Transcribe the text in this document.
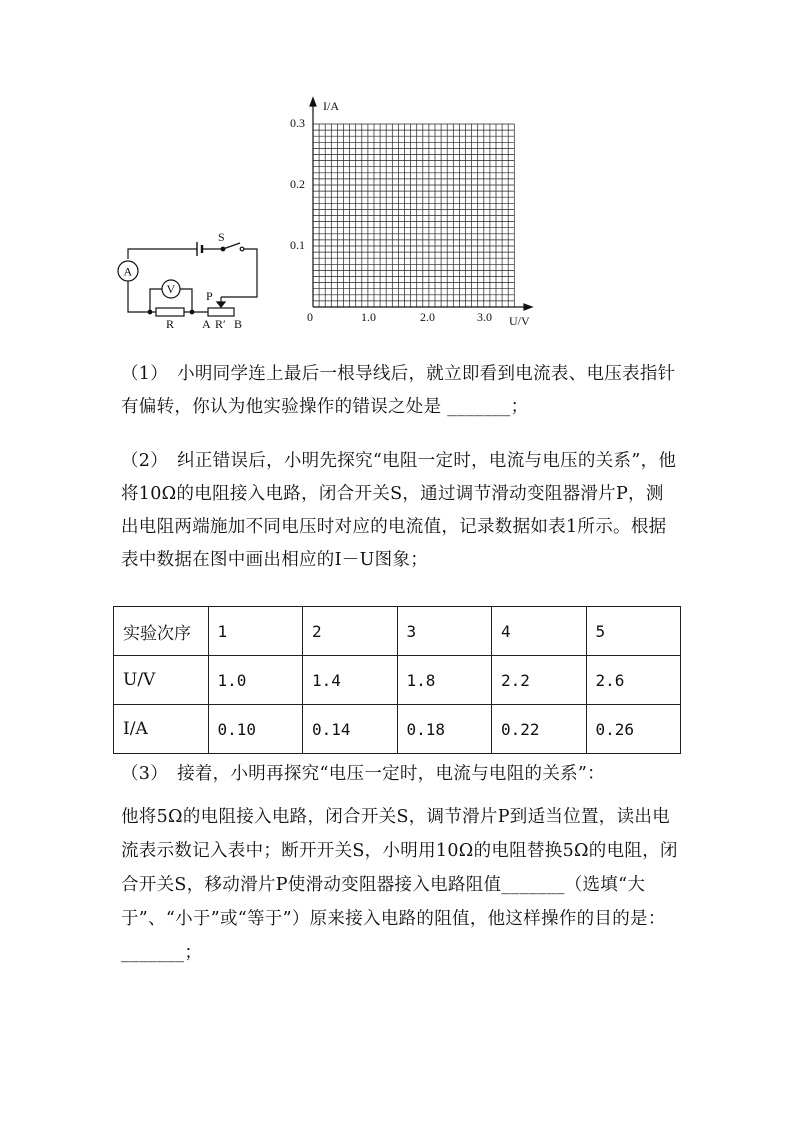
S
A
V
R
P
A R′ B
I/A
U/V
0
0.1
0.2
0.3
1.0	2.0	3.0

（1）　小明同学连上最后一根导线后，就立即看到电流表、电压表指针有偏转，你认为他实验操作的错误之处是 _______；

（2）　纠正错误后，小明先探究“电阻一定时，电流与电压的关系”，他将10Ω的电阻接入电路，闭合开关S，通过调节滑动变阻器滑片P，测出电阻两端施加不同电压时对应的电流值，记录数据如表1所示。根据表中数据在图中画出相应的I－U图象；

实验次序	1	2	3	4	5
U/V	1.0	1.4	1.8	2.2	2.6
I/A	0.10	0.14	0.18	0.22	0.26

（3）　接着，小明再探究“电压一定时，电流与电阻的关系”：
他将5Ω的电阻接入电路，闭合开关S，调节滑片P到适当位置，读出电流表示数记入表中；断开开关S，小明用10Ω的电阻替换5Ω的电阻，闭合开关S，移动滑片P使滑动变阻器接入电路阻值_______（选填“大于”、“小于”或“等于”）原来接入电路的阻值，他这样操作的目的是：_______；
